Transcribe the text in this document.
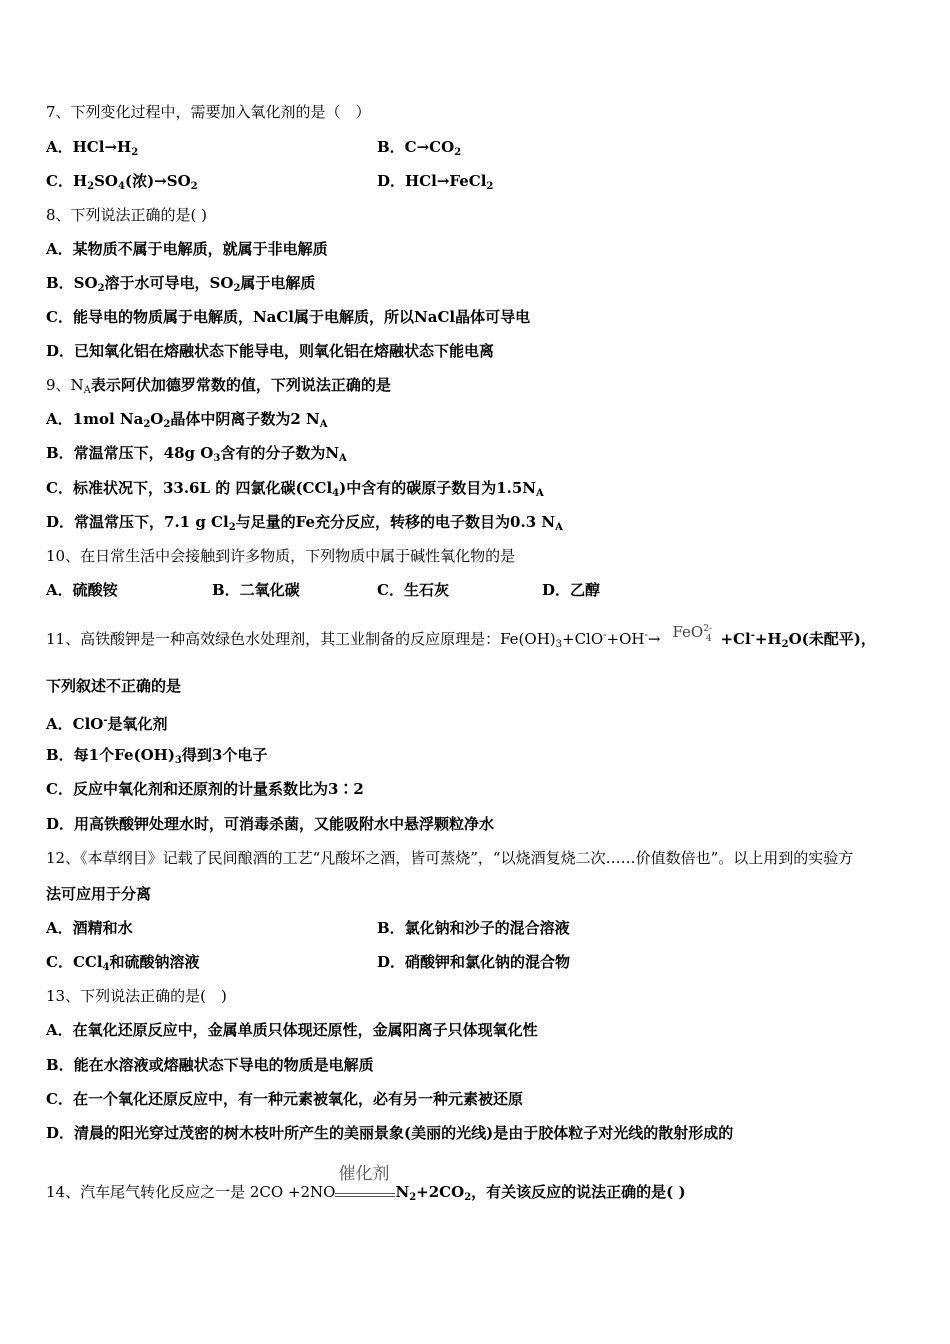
7、下列变化过程中，需要加入氧化剂的是（　）
A．$HCl\to H_2$	B．$C\to CO_2$
C．$H_2SO_4$(浓)$\to SO_2$	D．HCl→FeCl$_2$
8、下列说法正确的是( )
A．某物质不属于电解质，就属于非电解质
B．$SO_2$溶于水可导电，$SO_2$属于电解质
C．能导电的物质属于电解质，NaCl属于电解质，所以NaCl晶体可导电
D．已知氧化铝在熔融状态下能导电，则氧化铝在熔融状态下能电离
9、$N_A$表示阿伏加德罗常数的值，下列说法正确的是
A．1mol $Na_2O_2$晶体中阴离子数为2 $N_A$
B．常温常压下，48g $O_3$含有的分子数为$N_A$
C．标准状况下，33.6L 的 四氯化碳(CCl$_4$)中含有的碳原子数目为$1.5N_A$
D．常温常压下，7.1 g $Cl_2$与足量的Fe充分反应，转移的电子数目为0.3 $N_A$
10、在日常生活中会接触到许多物质，下列物质中属于碱性氧化物的是
A．硫酸铵	B．二氧化碳	C．生石灰	D．乙醇
11、高铁酸钾是一种高效绿色水处理剂，其工业制备的反应原理是：$Fe(OH)_3+ClO^-+OH^-\to FeO^{2-}_4 +Cl^-+H_2O$(未配平)，
下列叙述不正确的是
A．ClO-是氧化剂
B．每1个$Fe(OH)_3$得到3个电子
C．反应中氧化剂和还原剂的计量系数比为3∶2
D．用高铁酸钾处理水时，可消毒杀菌，又能吸附水中悬浮颗粒净水
12、《本草纲目》记载了民间酿酒的工艺“凡酸坏之酒，皆可蒸烧”，“以烧酒复烧二次……价值数倍也”。以上用到的实验方
法可应用于分离
A．酒精和水	B．氯化钠和沙子的混合溶液
C．CCl$_4$和硫酸钠溶液	D．硝酸钾和氯化钠的混合物
13、下列说法正确的是(　)
A．在氧化还原反应中，金属单质只体现还原性，金属阳离子只体现氧化性
B．能在水溶液或熔融状态下导电的物质是电解质
C．在一个氧化还原反应中，有一种元素被氧化，必有另一种元素被还原
D．清晨的阳光穿过茂密的树木枝叶所产生的美丽景象(美丽的光线)是由于胶体粒子对光线的散射形成的
14、汽车尾气转化反应之一是 2CO +2NO
催化剂
$N_2+2CO_2$，有关该反应的说法正确的是( )
